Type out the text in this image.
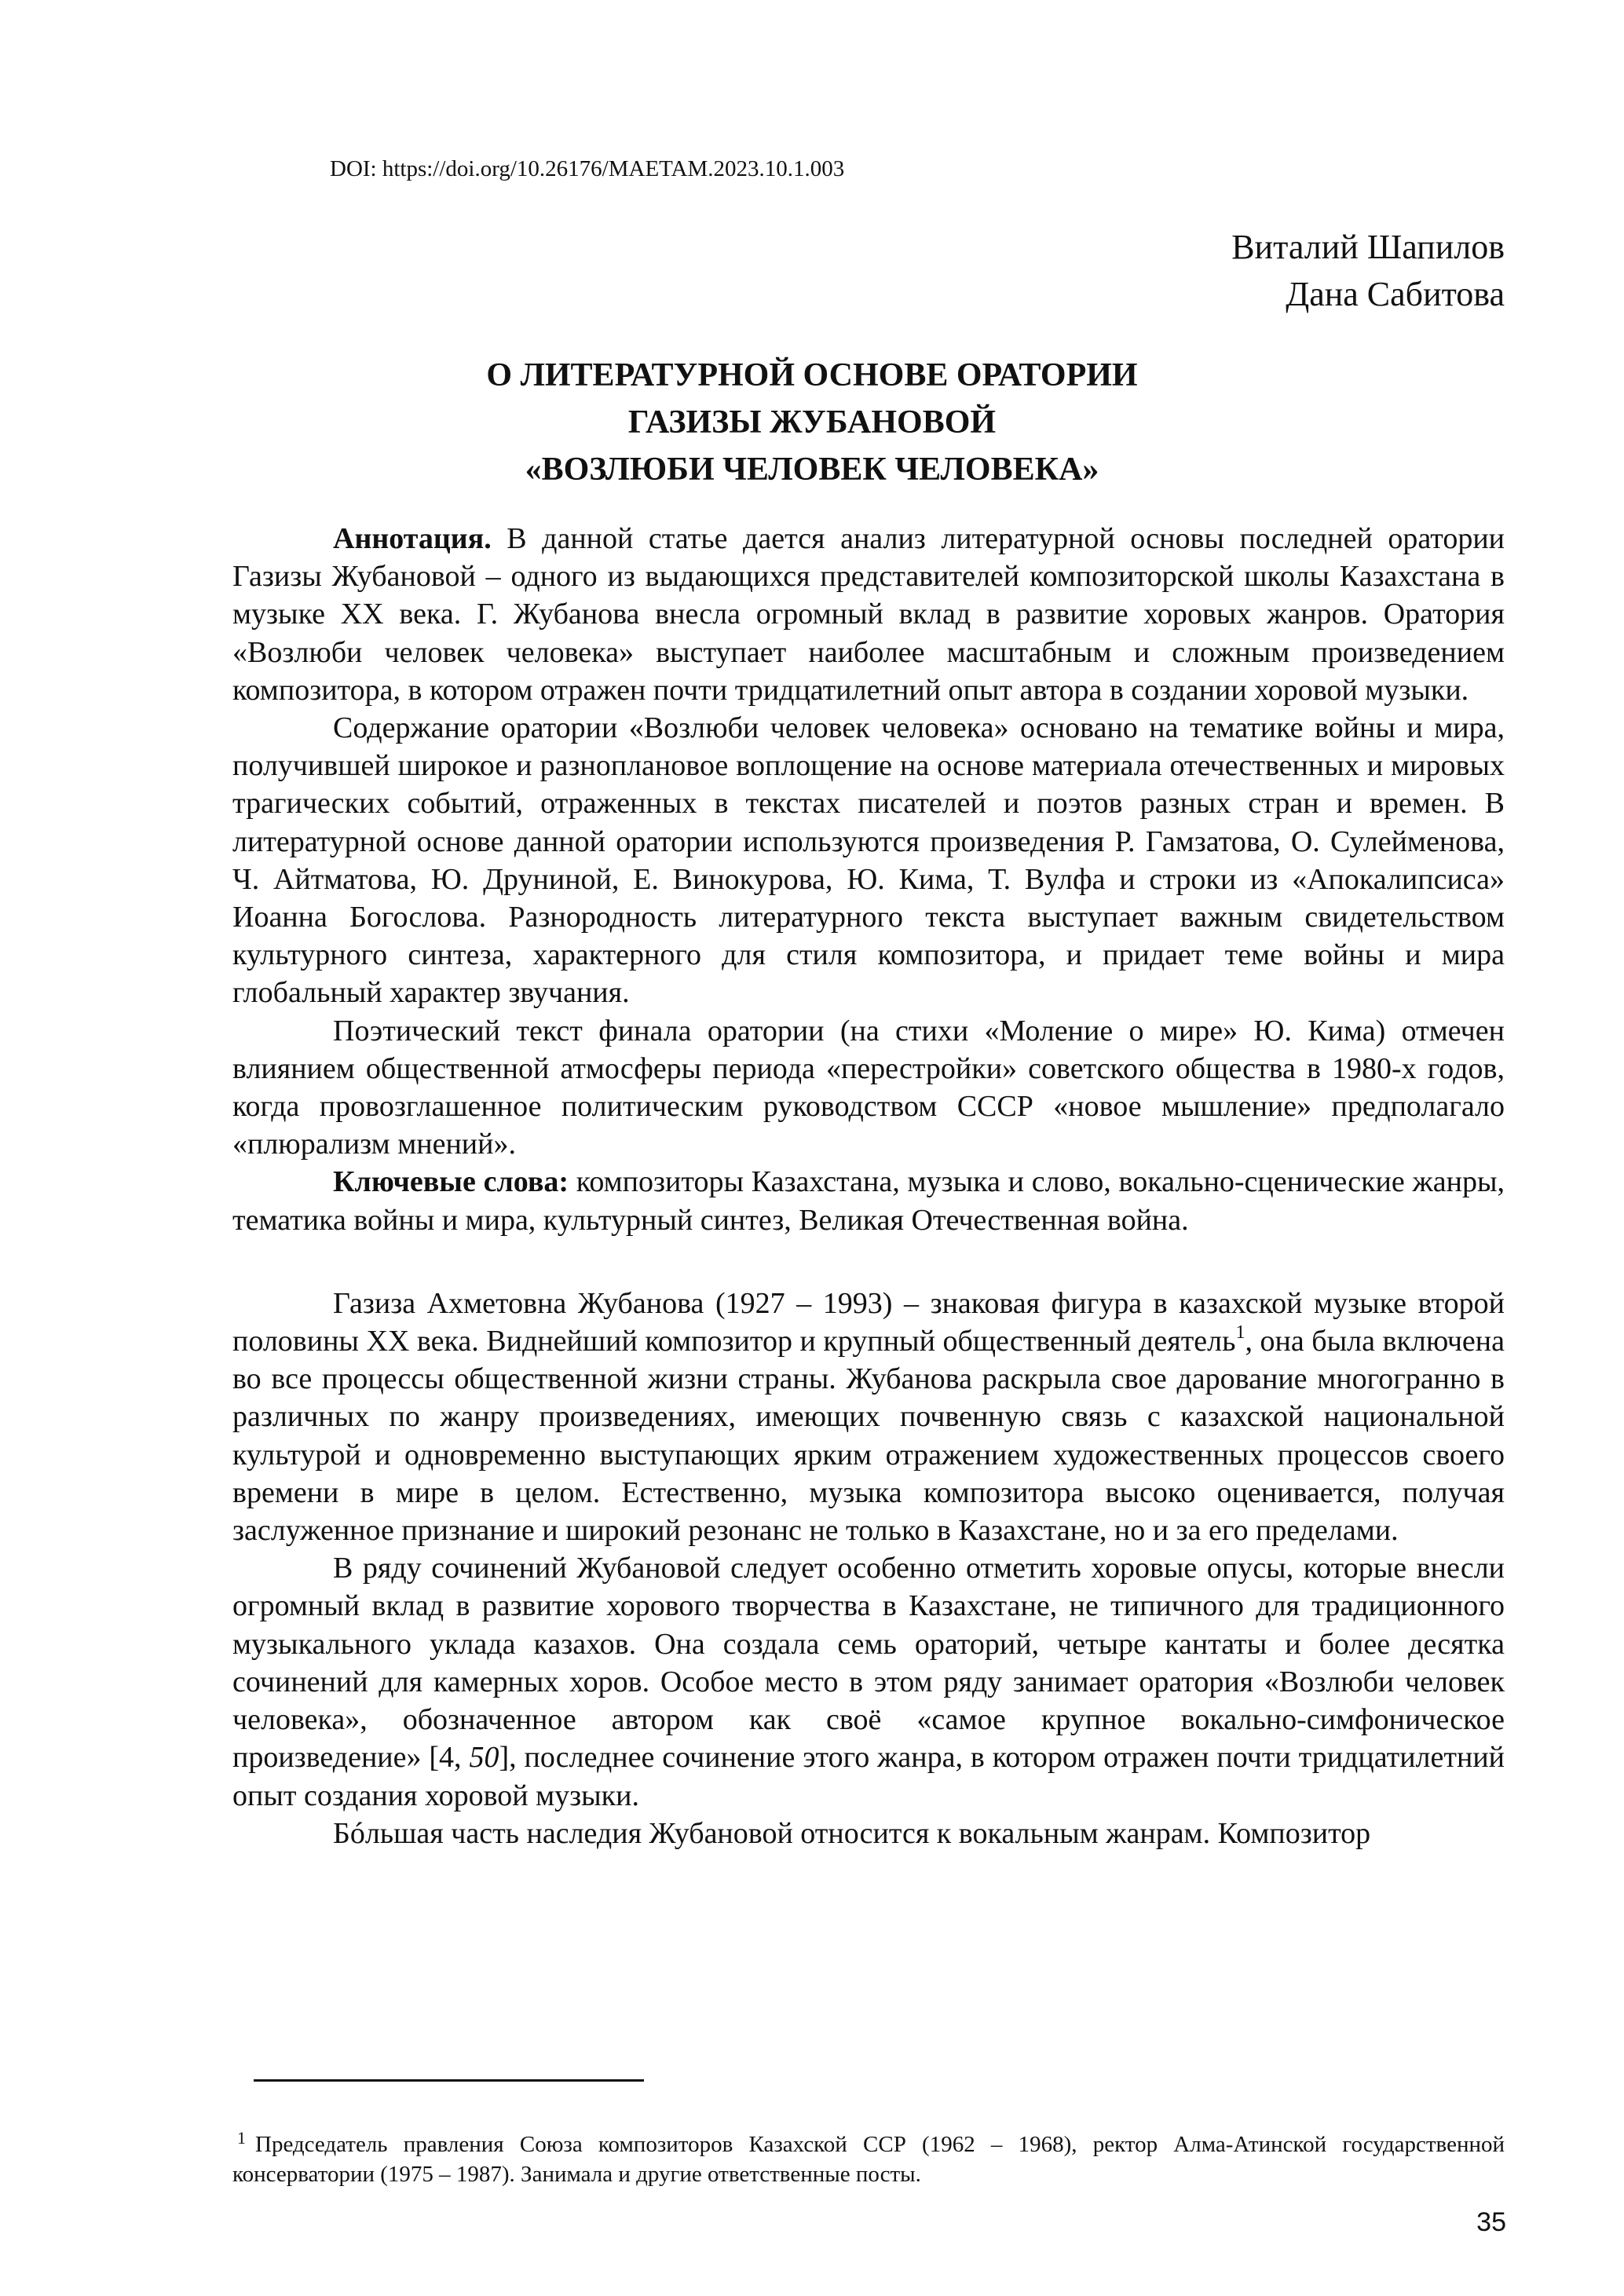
DOI: https://doi.org/10.26176/MAETAM.2023.10.1.003
Виталий Шапилов
Дана Сабитова
О ЛИТЕРАТУРНОЙ ОСНОВЕ ОРАТОРИИ
ГАЗИЗЫ ЖУБАНОВОЙ
«ВОЗЛЮБИ ЧЕЛОВЕК ЧЕЛОВЕКА»

Аннотация. В данной статье дается анализ литературной основы последней оратории Газизы Жубановой – одного из выдающихся представителей композиторской школы Казахстана в музыке ХХ века. Г. Жубанова внесла огромный вклад в развитие хоровых жанров. Оратория «Возлюби человек человека» выступает наиболее масштабным и сложным произведением композитора, в котором отражен почти тридцатилетний опыт автора в создании хоровой музыки.

Содержание оратории «Возлюби человек человека» основано на тематике войны и мира, получившей широкое и разноплановое воплощение на основе материала отечественных и мировых трагических событий, отраженных в текстах писателей и поэтов разных стран и времен. В литературной основе данной оратории используются произведения Р. Гамзатова, О. Сулейменова, Ч. Айтматова, Ю. Друниной, Е. Винокурова, Ю. Кима, Т. Вулфа и строки из «Апокалипсиса» Иоанна Богослова. Разнородность литературного текста выступает важным свидетельством культурного синтеза, характерного для стиля композитора, и придает теме войны и мира глобальный характер звучания.

Поэтический текст финала оратории (на стихи «Моление о мире» Ю. Кима) отмечен влиянием общественной атмосферы периода «перестройки» советского общества в 1980-х годов, когда провозглашенное политическим руководством СССР «новое мышление» предполагало «плюрализм мнений».

Ключевые слова: композиторы Казахстана, музыка и слово, вокально-сценические жанры, тематика войны и мира, культурный синтез, Великая Отечественная война.

Газиза Ахметовна Жубанова (1927 – 1993) – знаковая фигура в казахской музыке второй половины XX века. Виднейший композитор и крупный общественный деятель$^1$, она была включена во все процессы общественной жизни страны. Жубанова раскрыла свое дарование многогранно в различных по жанру произведениях, имеющих почвенную связь с казахской национальной культурой и одновременно выступающих ярким отражением художественных процессов своего времени в мире в целом. Естественно, музыка композитора высоко оценивается, получая заслуженное признание и широкий резонанс не только в Казахстане, но и за его пределами.

В ряду сочинений Жубановой следует особенно отметить хоровые опусы, которые внесли огромный вклад в развитие хорового творчества в Казахстане, не типичного для традиционного музыкального уклада казахов. Она создала семь ораторий, четыре кантаты и более десятка сочинений для камерных хоров. Особое место в этом ряду занимает оратория «Возлюби человек человека», обозначенное автором как своё «самое крупное вокально-симфоническое произведение» [4, 50], последнее сочинение этого жанра, в котором отражен почти тридцатилетний опыт создания хоровой музыки.

Бóльшая часть наследия Жубановой относится к вокальным жанрам. Композитор

$^1$ Председатель правления Союза композиторов Казахской ССР (1962 – 1968), ректор Алма-Атинской государственной консерватории (1975 – 1987). Занимала и другие ответственные посты.
35
